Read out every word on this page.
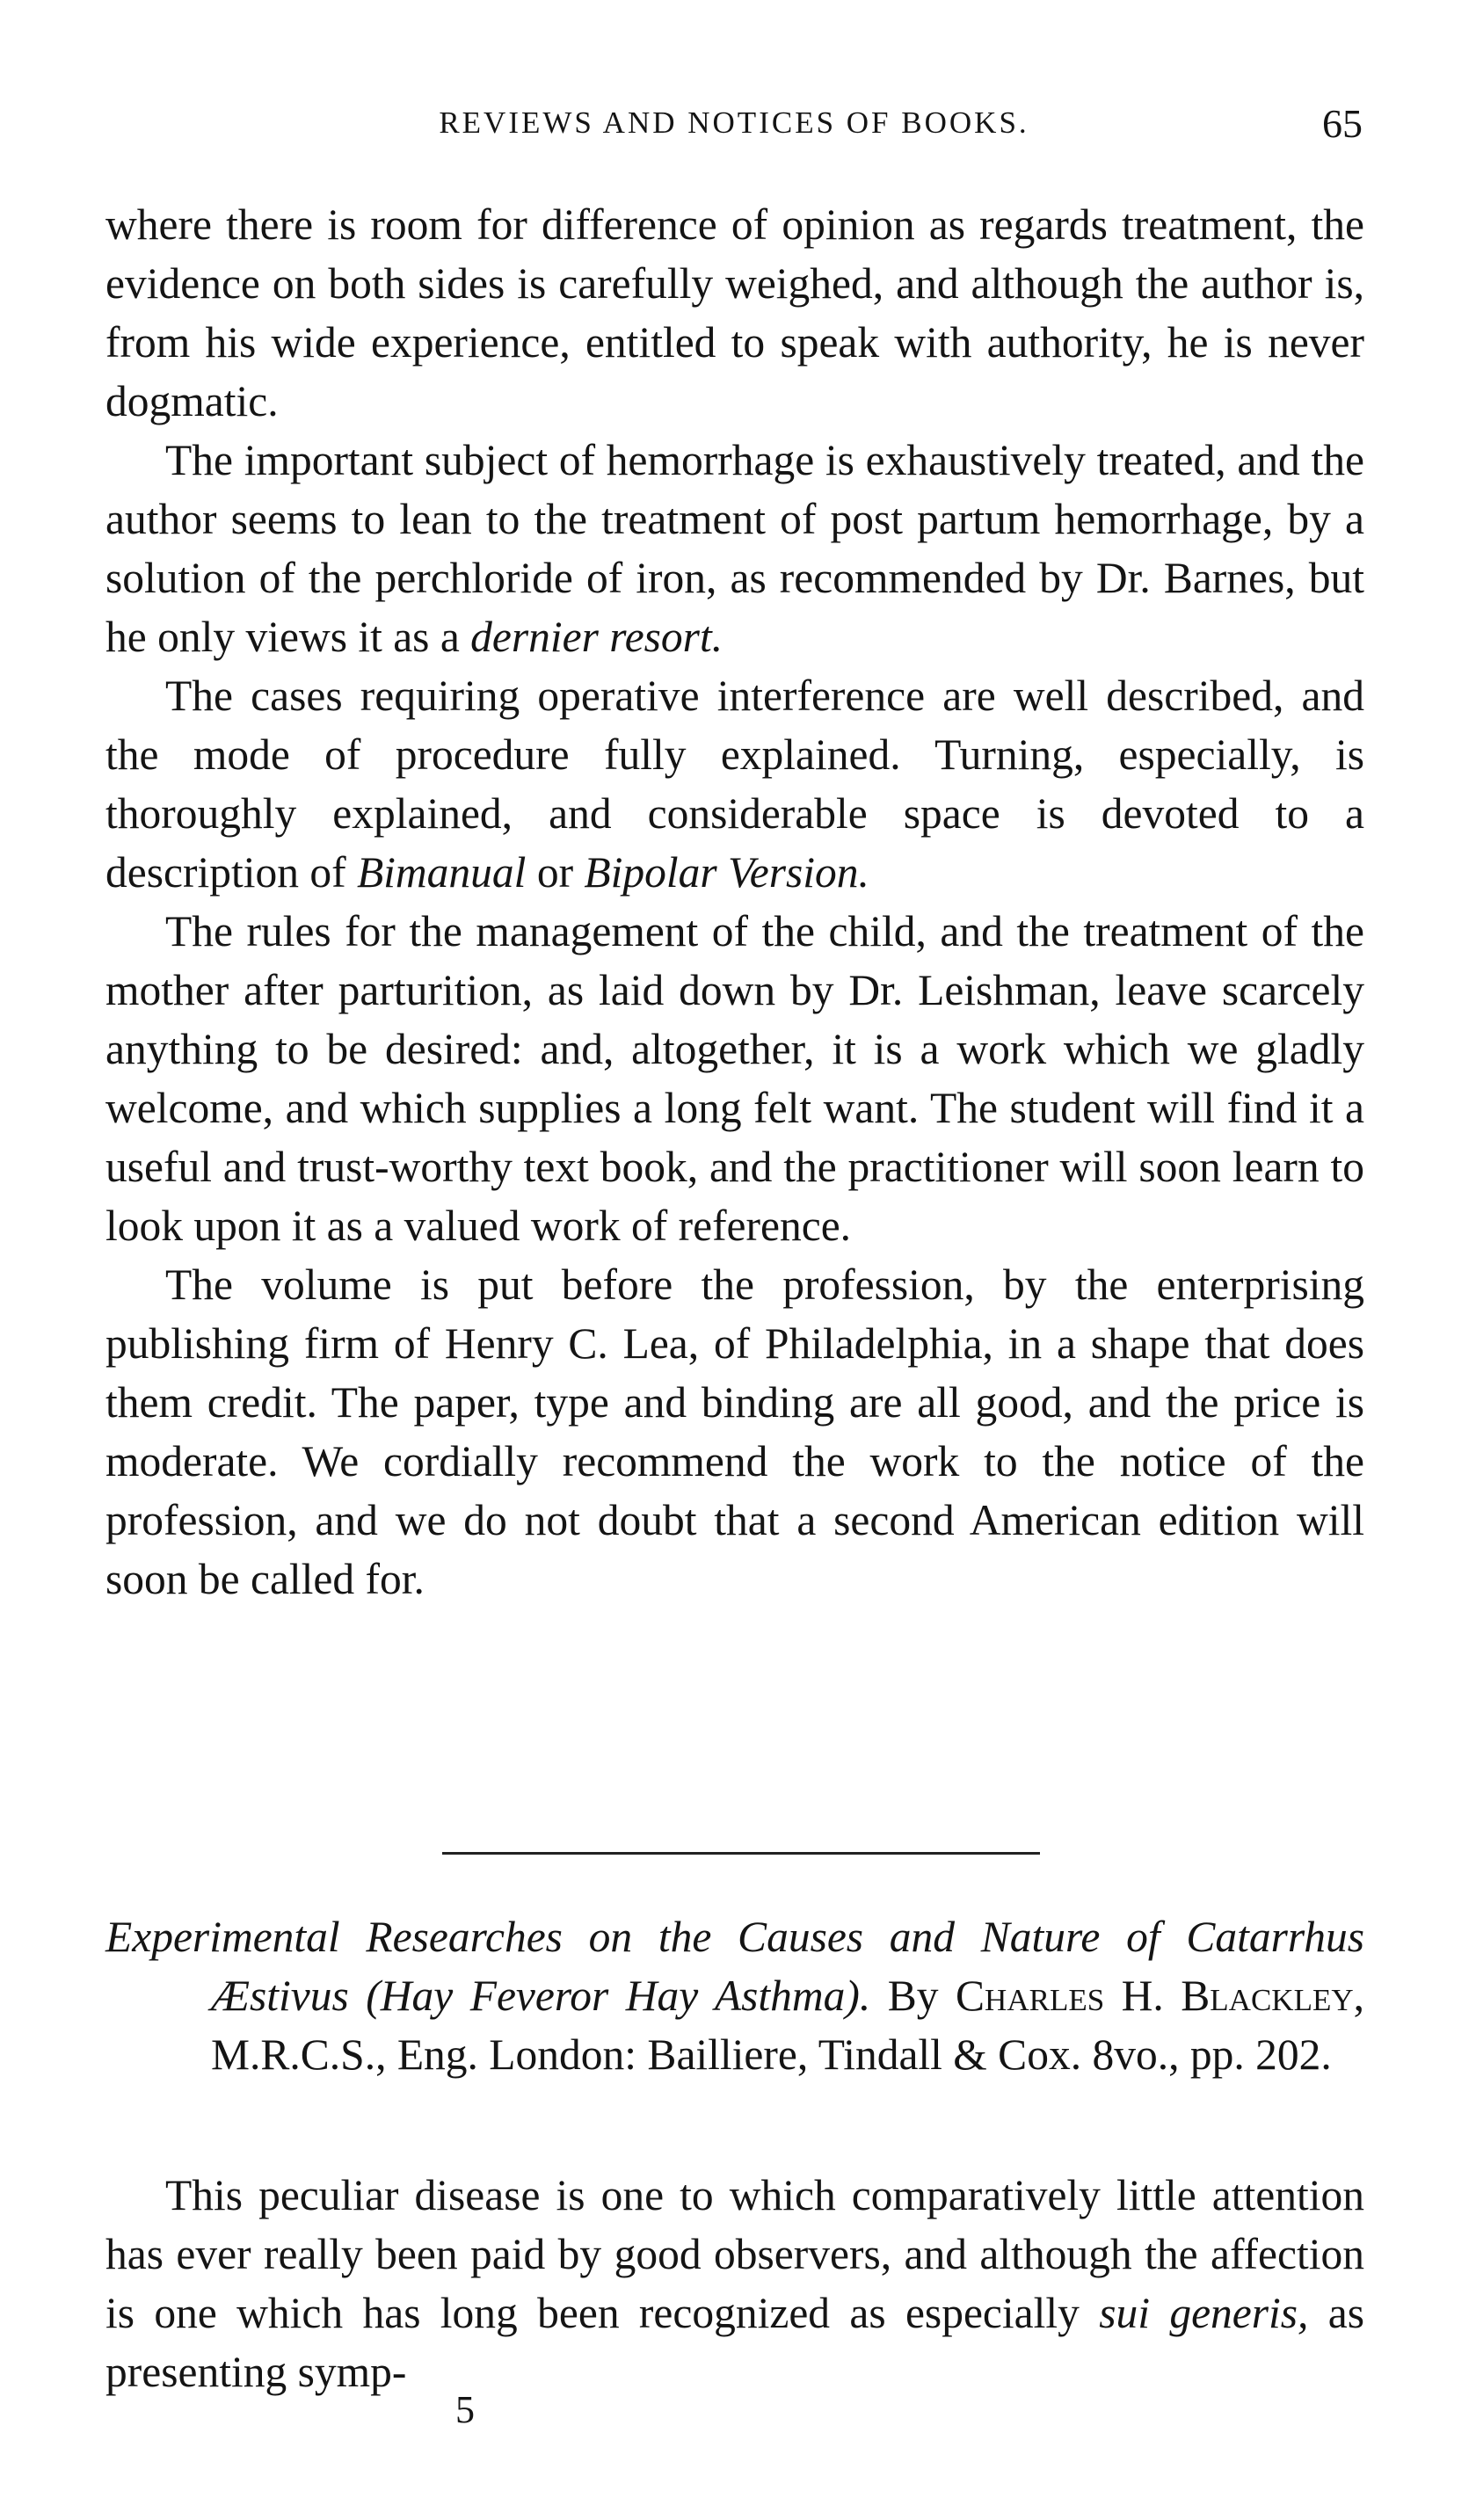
REVIEWS AND NOTICES OF BOOKS.	65

where there is room for difference of opinion as regards treatment, the evidence on both sides is carefully weighed, and although the author is, from his wide experience, entitled to speak with authority, he is never dogmatic.

The important subject of hemorrhage is exhaustively treated, and the author seems to lean to the treatment of post partum hemorrhage, by a solution of the perchloride of iron, as recommended by Dr. Barnes, but he only views it as a dernier resort.

The cases requiring operative interference are well described, and the mode of procedure fully explained. Turning, especially, is thoroughly explained, and considerable space is devoted to a description of Bimanual or Bipolar Version.

The rules for the management of the child, and the treatment of the mother after parturition, as laid down by Dr. Leishman, leave scarcely anything to be desired: and, altogether, it is a work which we gladly welcome, and which supplies a long felt want. The student will find it a useful and trust-worthy text book, and the practitioner will soon learn to look upon it as a valued work of reference.

The volume is put before the profession, by the enterprising publishing firm of Henry C. Lea, of Philadelphia, in a shape that does them credit. The paper, type and binding are all good, and the price is moderate. We cordially recommend the work to the notice of the profession, and we do not doubt that a second American edition will soon be called for.

Experimental Researches on the Causes and Nature of Catarrhus Æstivus (Hay Feveror Hay Asthma). By Charles H. Blackley, M.R.C.S., Eng. London: Bailliere, Tindall & Cox. 8vo., pp. 202.

This peculiar disease is one to which comparatively little attention has ever really been paid by good observers, and although the affection is one which has long been recognized as especially sui generis, as presenting symp-

5
